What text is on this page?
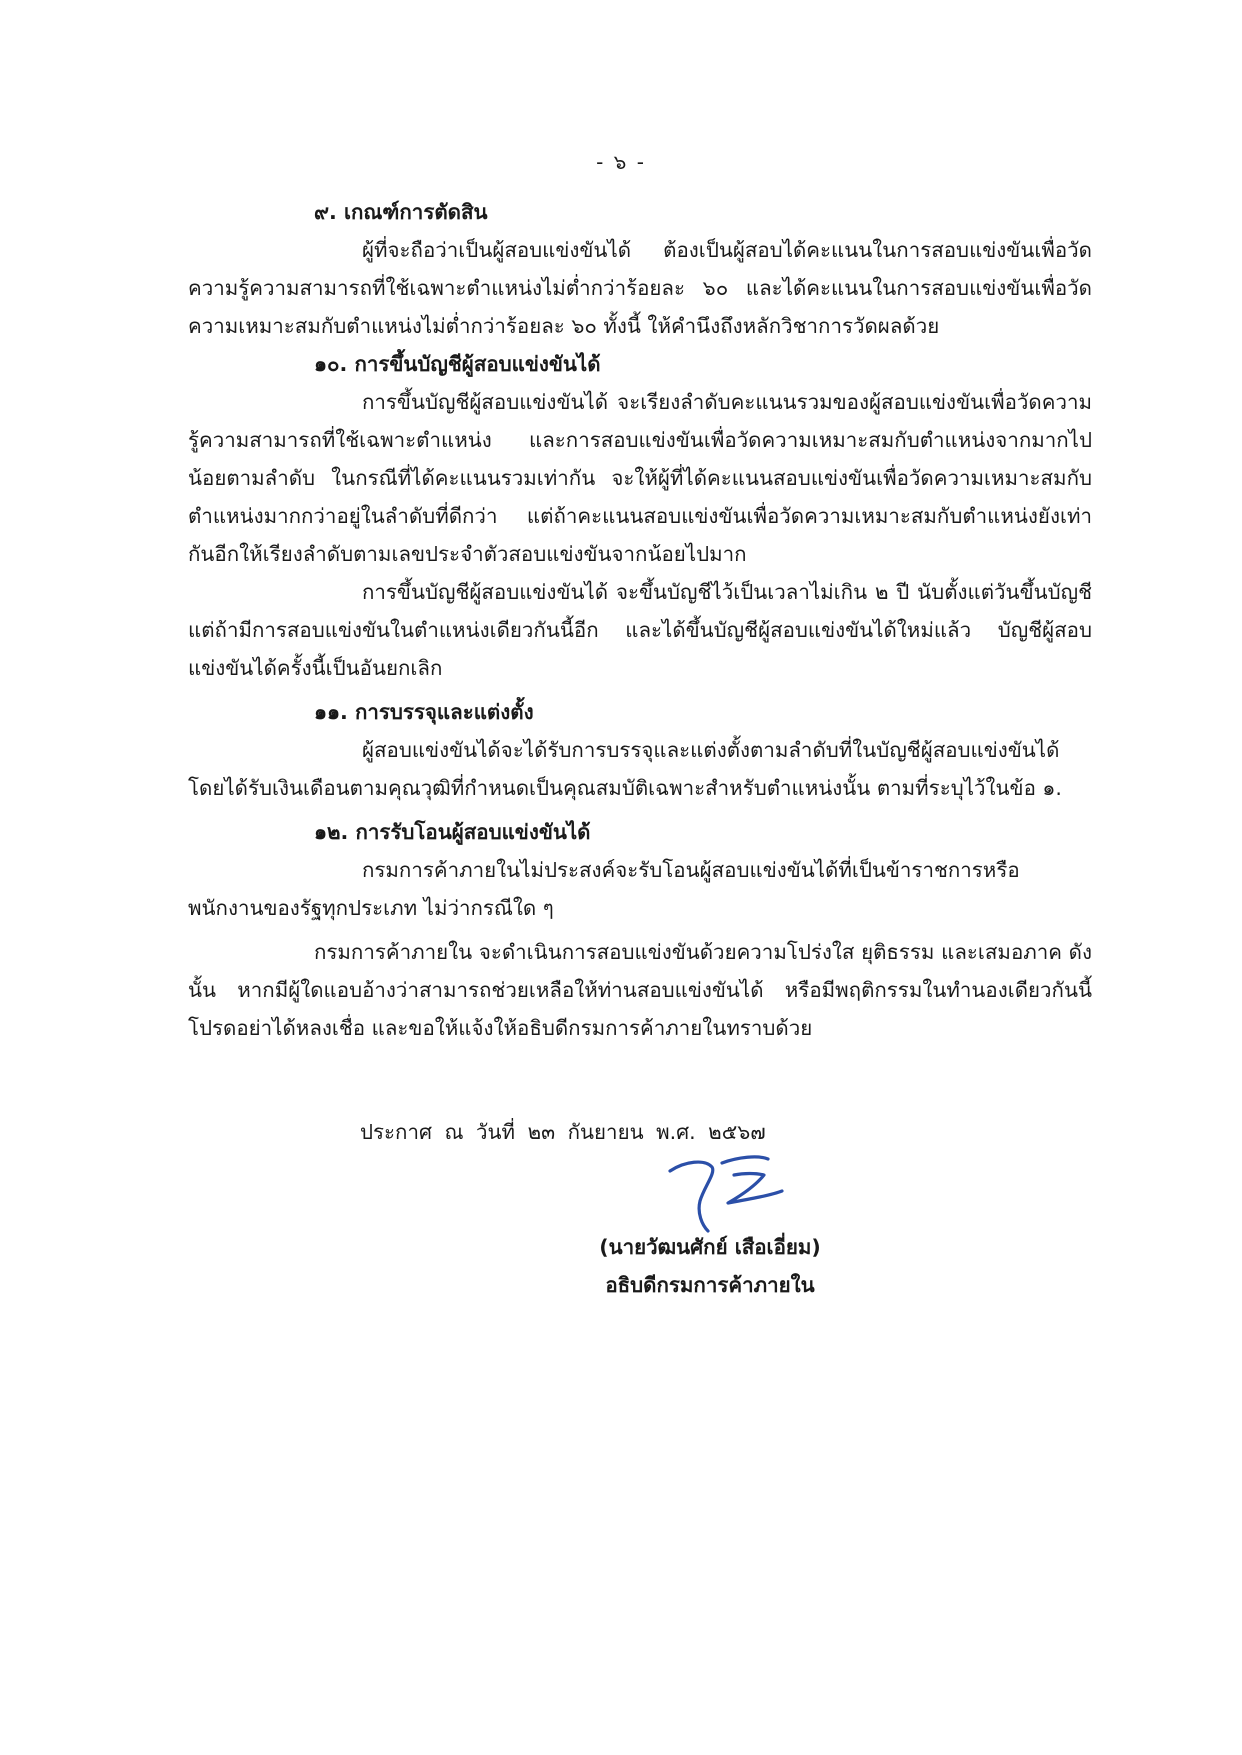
- ๖ -

๙. เกณฑ์การตัดสิน

ผู้ที่จะถือว่าเป็นผู้สอบแข่งขันได้ ต้องเป็นผู้สอบได้คะแนนในการสอบแข่งขันเพื่อวัดความรู้ความสามารถที่ใช้เฉพาะตำแหน่งไม่ต่ำกว่าร้อยละ ๖๐ และได้คะแนนในการสอบแข่งขันเพื่อวัดความเหมาะสมกับตำแหน่งไม่ต่ำกว่าร้อยละ ๖๐ ทั้งนี้ ให้คำนึงถึงหลักวิชาการวัดผลด้วย

๑๐. การขึ้นบัญชีผู้สอบแข่งขันได้

การขึ้นบัญชีผู้สอบแข่งขันได้ จะเรียงลำดับคะแนนรวมของผู้สอบแข่งขันเพื่อวัดความรู้ความสามารถที่ใช้เฉพาะตำแหน่ง และการสอบแข่งขันเพื่อวัดความเหมาะสมกับตำแหน่งจากมากไปน้อยตามลำดับ ในกรณีที่ได้คะแนนรวมเท่ากัน จะให้ผู้ที่ได้คะแนนสอบแข่งขันเพื่อวัดความเหมาะสมกับตำแหน่งมากกว่าอยู่ในลำดับที่ดีกว่า แต่ถ้าคะแนนสอบแข่งขันเพื่อวัดความเหมาะสมกับตำแหน่งยังเท่ากันอีกให้เรียงลำดับตามเลขประจำตัวสอบแข่งขันจากน้อยไปมาก

การขึ้นบัญชีผู้สอบแข่งขันได้ จะขึ้นบัญชีไว้เป็นเวลาไม่เกิน ๒ ปี นับตั้งแต่วันขึ้นบัญชีแต่ถ้ามีการสอบแข่งขันในตำแหน่งเดียวกันนี้อีก และได้ขึ้นบัญชีผู้สอบแข่งขันได้ใหม่แล้ว บัญชีผู้สอบแข่งขันได้ครั้งนี้เป็นอันยกเลิก

๑๑. การบรรจุและแต่งตั้ง

ผู้สอบแข่งขันได้จะได้รับการบรรจุและแต่งตั้งตามลำดับที่ในบัญชีผู้สอบแข่งขันได้โดยได้รับเงินเดือนตามคุณวุฒิที่กำหนดเป็นคุณสมบัติเฉพาะสำหรับตำแหน่งนั้น ตามที่ระบุไว้ในข้อ ๑.

๑๒. การรับโอนผู้สอบแข่งขันได้

กรมการค้าภายในไม่ประสงค์จะรับโอนผู้สอบแข่งขันได้ที่เป็นข้าราชการหรือพนักงานของรัฐทุกประเภท ไม่ว่ากรณีใด ๆ

กรมการค้าภายใน จะดำเนินการสอบแข่งขันด้วยความโปร่งใส ยุติธรรม และเสมอภาค ดังนั้น หากมีผู้ใดแอบอ้างว่าสามารถช่วยเหลือให้ท่านสอบแข่งขันได้ หรือมีพฤติกรรมในทำนองเดียวกันนี้ โปรดอย่าได้หลงเชื่อ และขอให้แจ้งให้อธิบดีกรมการค้าภายในทราบด้วย

ประกาศ ณ วันที่ ๒๓ กันยายน พ.ศ. ๒๕๖๗
(นายวัฒนศักย์ เสือเอี่ยม)
อธิบดีกรมการค้าภายใน
